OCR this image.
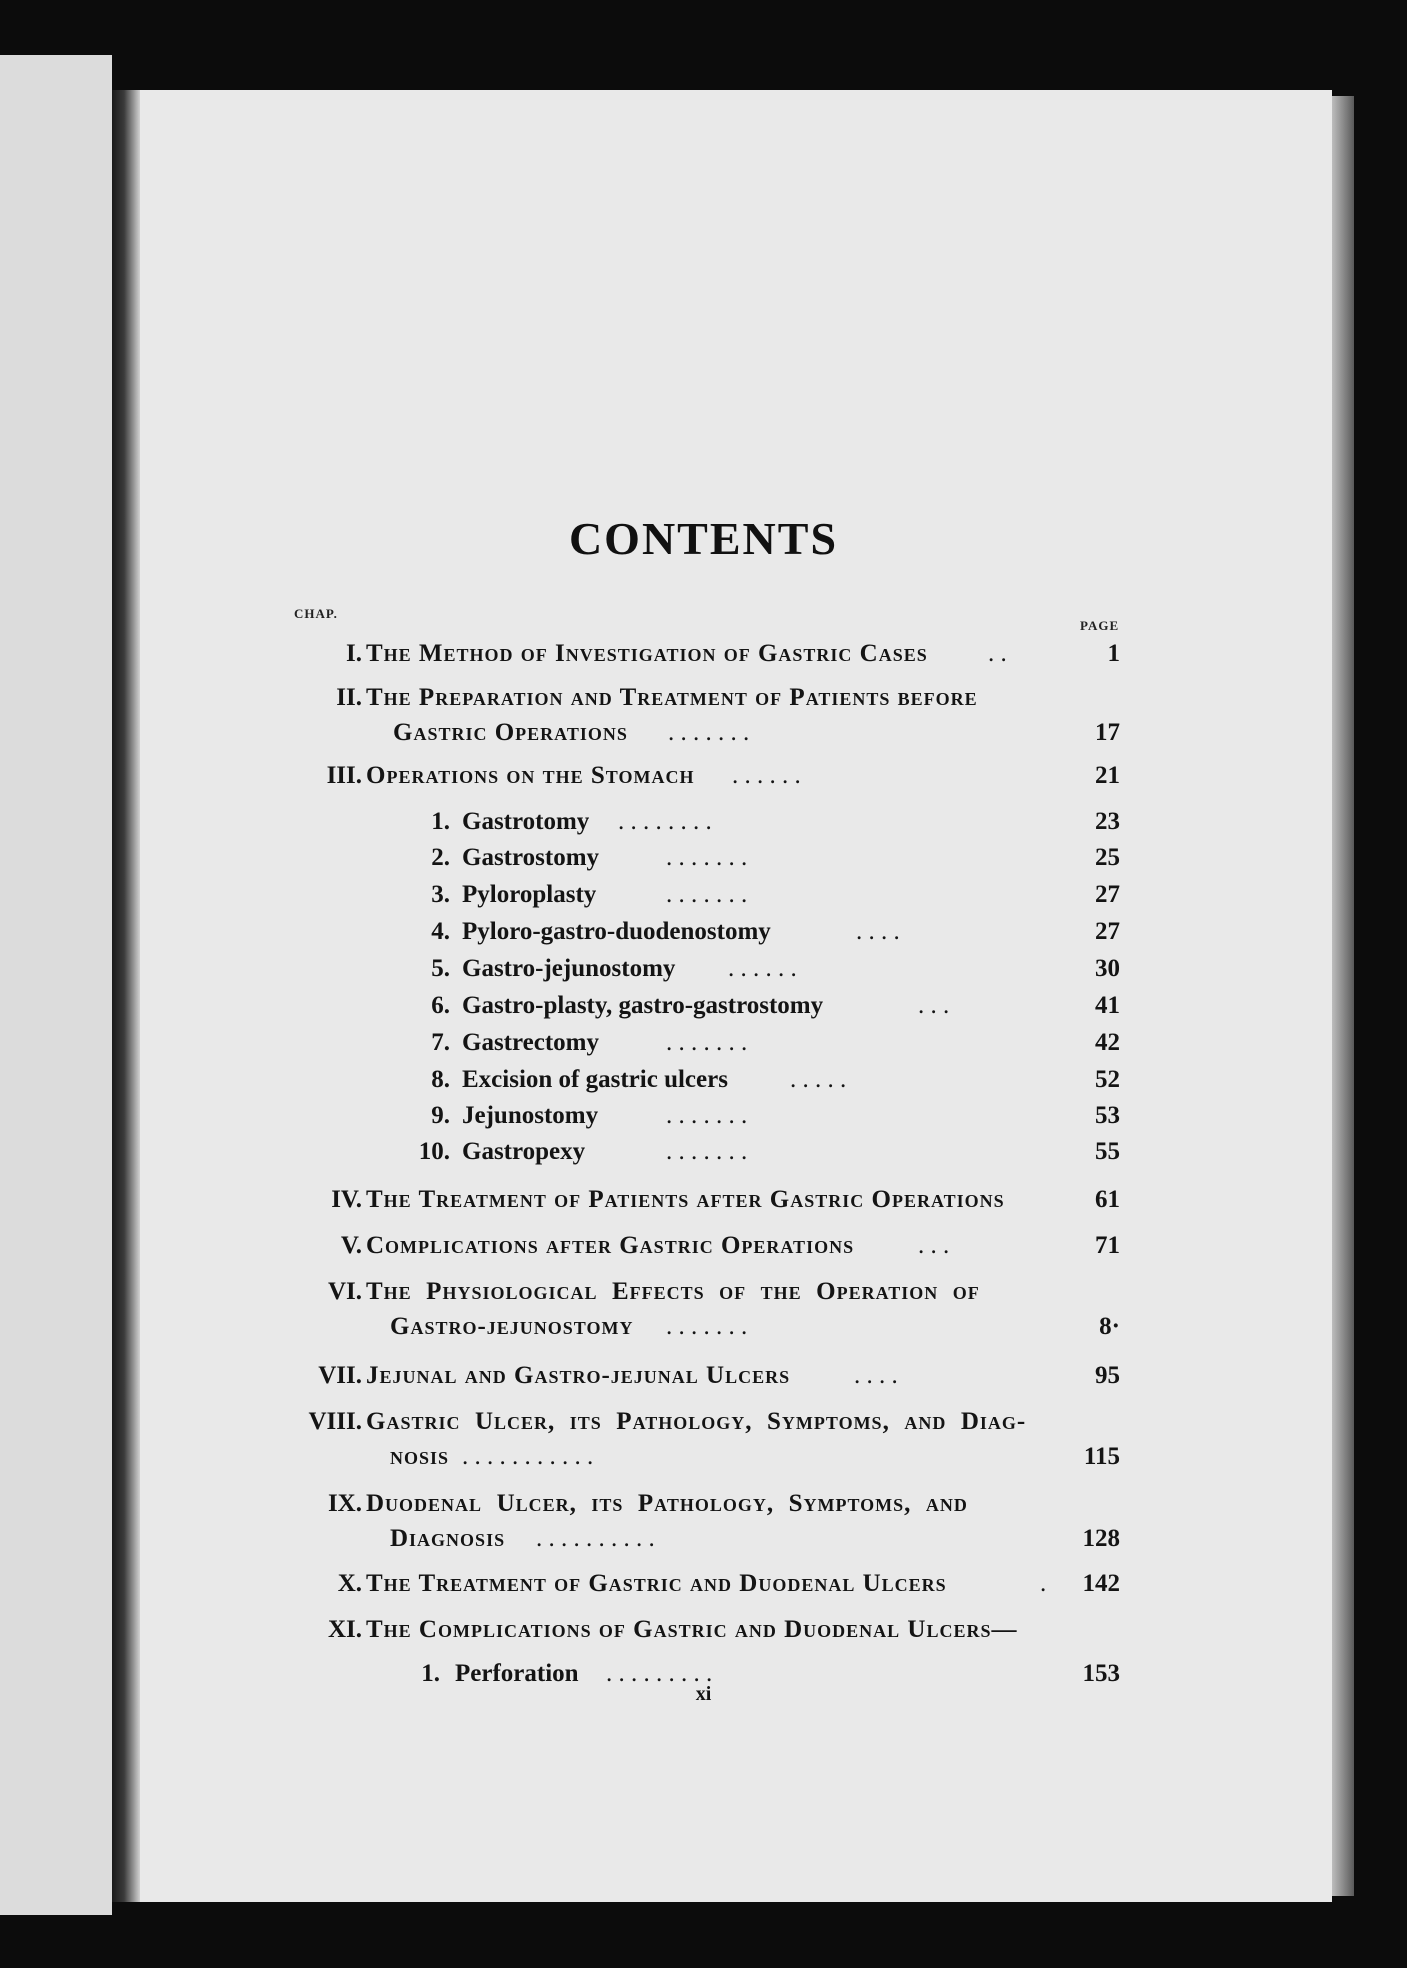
CONTENTS
CHAP.
PAGE
I. The Method of Investigation of Gastric Cases . .	1
II. The Preparation and Treatment of Patients before
Gastric Operations . . . . . . .	17
III. Operations on the Stomach . . . . . .	21
1. Gastrotomy . . . . . . . .	23
2. Gastrostomy	. . . . . . .	25
3. Pyloroplasty	. . . . . . .	27
4. Pyloro-gastro-duodenostomy	. . . .	27
5. Gastro-jejunostomy . . . . . .	30
6. Gastro-plasty, gastro-gastrostomy	. . .	41
7. Gastrectomy	. . . . . . .	42
8. Excision of gastric ulcers . . . . .	52
9. Jejunostomy	. . . . . . .	53
10. Gastropexy	. . . . . . .	55
IV. The Treatment of Patients after Gastric Operations	61
V. Complications after Gastric Operations	. . .	71
VI. The  Physiological  Effects  of  the  Operation  of
Gastro-jejunostomy . . . . . . .	8·
VII. Jejunal and Gastro-jejunal Ulcers	. . . .	95
VIII. Gastric  Ulcer,  its  Pathology,  Symptoms,  and  Diag-
nosis . . . . . . . . . . .	115
IX. Duodenal  Ulcer,  its  Pathology,  Symptoms,  and
Diagnosis . . . . . . . . . .	128
X. The Treatment of Gastric and Duodenal Ulcers	.	142
XI. The Complications of Gastric and Duodenal Ulcers—
1. Perforation . . . . . . . . .	153
xi
